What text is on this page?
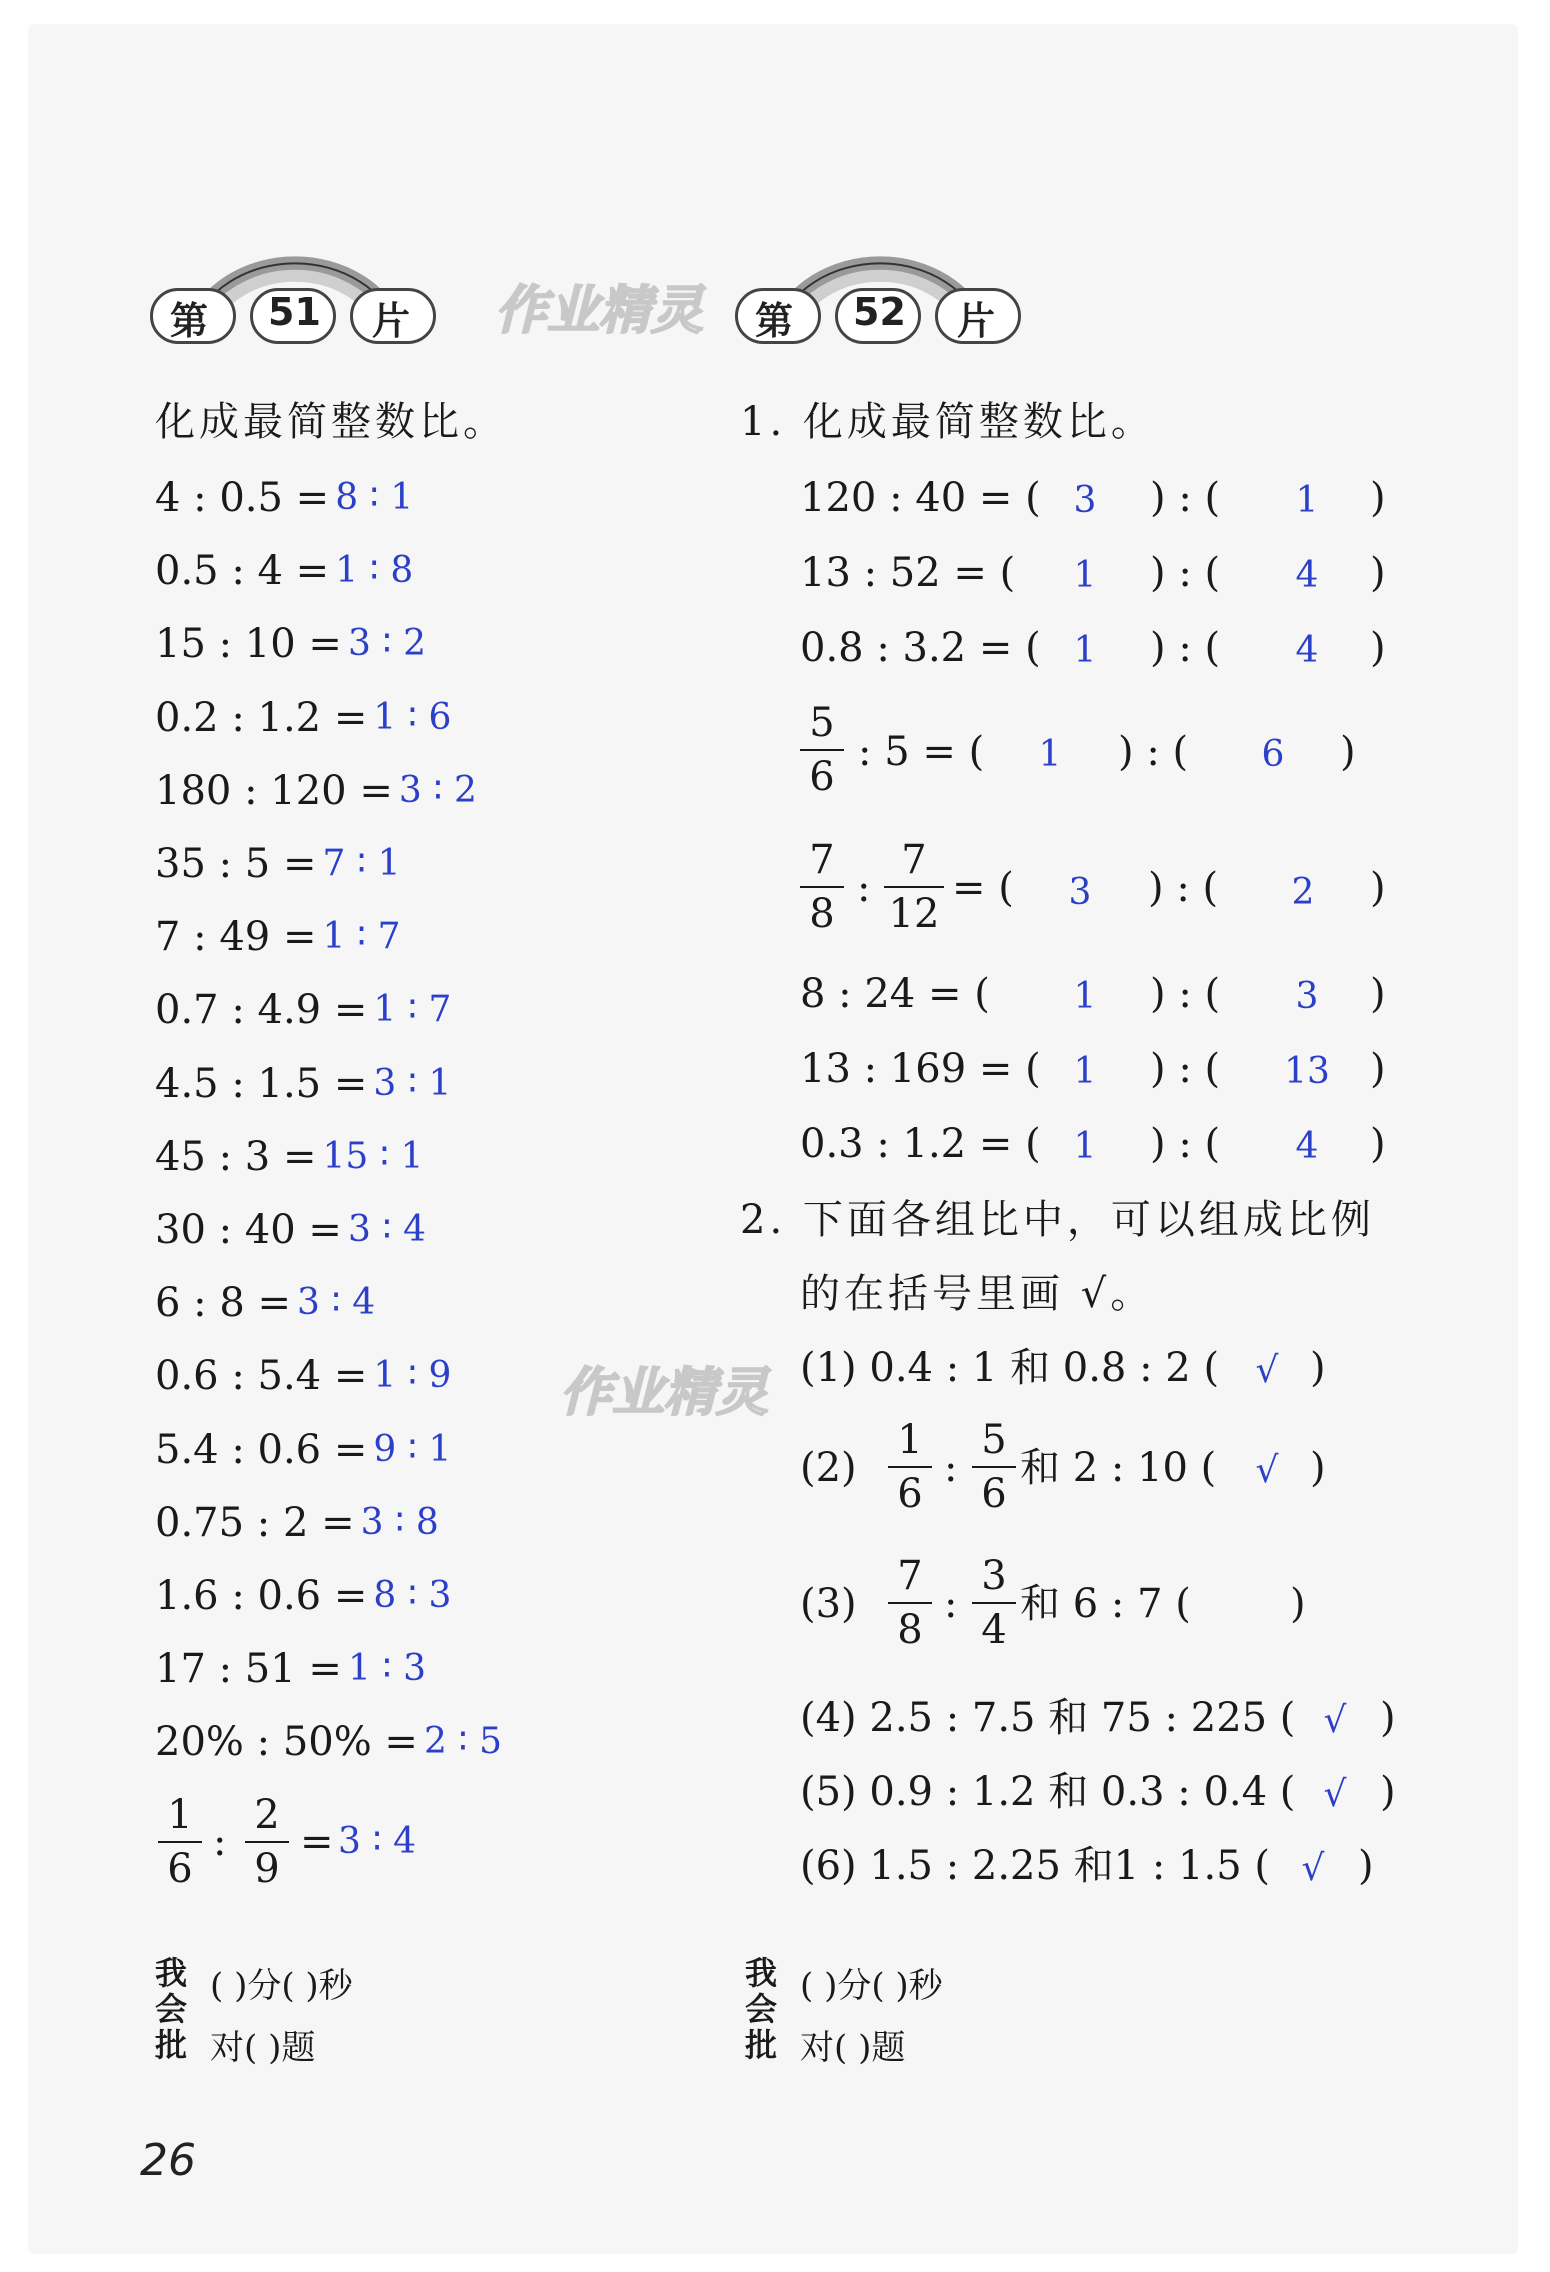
第 51 片 作业精灵 第 52 片
化成最简整数比。
4 : 0.5 = 8 ∶ 1
0.5 : 4 = 1 ∶ 8
15 : 10 = 3 ∶ 2
0.2 : 1.2 = 1 ∶ 6
180 : 120 = 3 ∶ 2
35 : 5 = 7 ∶ 1
7 : 49 = 1 ∶ 7
0.7 : 4.9 = 1 ∶ 7
4.5 : 1.5 = 3 ∶ 1
45 : 3 = 15 ∶ 1
30 : 40 = 3 ∶ 4
6 : 8 = 3 ∶ 4
0.6 : 5.4 = 1 ∶ 9
5.4 : 0.6 = 9 ∶ 1
0.75 : 2 = 3 ∶ 8
1.6 : 0.6 = 8 ∶ 3
17 : 51 = 1 ∶ 3
20% : 50% = 2 ∶ 5
1
6
:
2
9
= 3 ∶ 4
我
会
批
( )分( )秒
对( )题
1. 化成最简整数比。
120 : 40 = ( 3	) : (	1	)
13 : 52 = (	1	) : (	4	)
0.8 : 3.2 = ( 1	) : (	4	)
5
6
: 5 = (	1	) : (	6	)
7
8
:
7
12
= (	3	) : (	2	)
8 : 24 = (	1	) : (	3	)
13 : 169 = ( 1	) : (	13	)
0.3 : 1.2 = ( 1	) : (	4	)
2. 下面各组比中，可以组成比例
的在括号里画 √。
(1) 0.4 : 1 和 0.8 : 2 (	√ )
(2)
1
6
:
5
6
和 2 : 10 (	√ )
(3)
7
8
:
3
4
和 6 : 7 ( )
(4) 2.5 : 7.5 和 75 : 225 ( √ )
(5) 0.9 : 1.2 和 0.3 : 0.4 ( √ )
(6) 1.5 : 2.25 和1 : 1.5 ( √ )
我
会
批
( )分( )秒
对( )题
作业精灵
26
